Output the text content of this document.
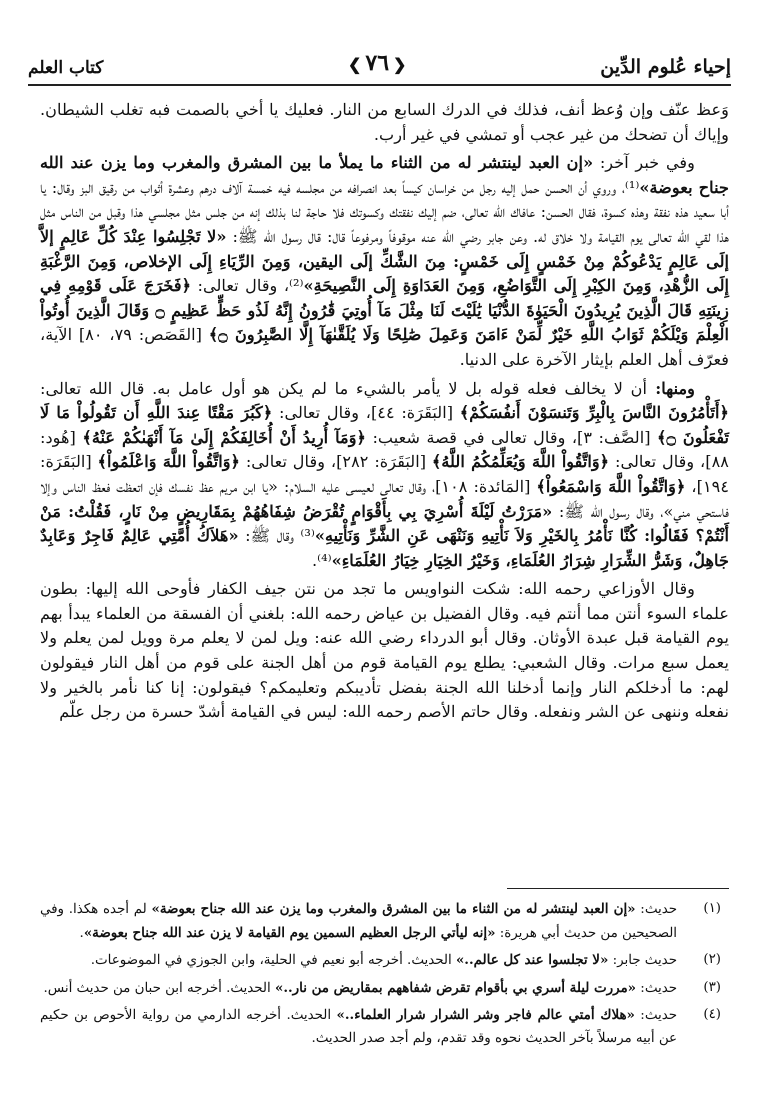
إحياء عُلوم الدِّين
❮ ٧٦ ❯
كتاب العلم

وَعظ عنّف وإن وُعظ أنف، فذلك في الدرك السابع من النار. فعليك يا أخي بالصمت فبه تغلب الشيطان. وإياك أن تضحك من غير عجب أو تمشي في غير أرب.

وفي خبر آخر: «إن العبد لينتشر له من الثناء ما يملأ ما بين المشرق والمغرب وما يزن عند الله جناح بعوضة»⁽¹⁾، وروي أن الحسن حمل إليه رجل من خراسان كيساً بعد انصرافه من مجلسه فيه خمسة آلاف درهم وعشرة أثواب من رقيق البز وقال: يا أبا سعيد هذه نفقة وهذه كسوة، فقال الحسن: عافاك الله تعالى، ضم إليك نفقتك وكسوتك فلا حاجة لنا بذلك إنه من جلس مثل مجلسي هذا وقبل من الناس مثل هذا لقي الله تعالى يوم القيامة ولا خلاق له. وعن جابر رضي الله عنه موقوفاً ومرفوعاً قال: قال رسول الله ﷺ: «لا تَجْلِسُوا عِنْدَ كُلِّ عَالِمٍ إلاَّ إلَى عَالِمٍ يَدْعُوكُمْ مِنْ خَمْسٍ إِلَى خَمْسٍ: مِنَ الشَّكِّ إلَى اليقين، وَمِنَ الرِّيَاءِ إِلَى الإخلاص، وَمِنَ الرَّغْبَةِ إِلَى الزُّهْدِ، وَمِنَ الكِبْرِ إِلَى التَّوَاضُعِ، وَمِنَ العَدَاوَةِ إِلَى النَّصِيحَةِ»⁽²⁾، وقال تعالى: ﴿فَخَرَجَ عَلَى قَوْمِهِ فِي زِينَتِهِ قَالَ الَّذِينَ يُرِيدُونَ الْحَيَوٰةَ الدُّنْيَا يَٰلَيْتَ لَنَا مِثْلَ مَآ أُوتِيَ قَٰرُونُ إِنَّهُ لَذُو حَظٍّ عَظِيمٍ ۝ وَقَالَ الَّذِينَ أُوتُواْ الْعِلْمَ وَيْلَكُمْ ثَوَابُ اللَّهِ خَيْرٌ لِّمَنْ ءَامَنَ وَعَمِلَ صَٰلِحًا وَلَا يُلَقَّىٰهَآ إِلَّا الصَّٰبِرُونَ ۝﴾ [القَصَص: ٧٩، ٨٠] الآية، فعرّف أهل العلم بإيثار الآخرة على الدنيا.

ومنها: أن لا يخالف فعله قوله بل لا يأمر بالشيء ما لم يكن هو أول عامل به. قال الله تعالى: ﴿أَتَأْمُرُونَ النَّاسَ بِالْبِرِّ وَتَنسَوْنَ أَنفُسَكُمْ﴾ [البَقَرَة: ٤٤]، وقال تعالى: ﴿كَبُرَ مَقْتًا عِندَ اللَّهِ أَن تَقُولُواْ مَا لَا تَفْعَلُونَ ۝﴾ [الصَّف: ٣]، وقال تعالى في قصة شعيب: ﴿وَمَآ أُرِيدُ أَنْ أُخَالِفَكُمْ إِلَىٰ مَآ أَنْهَىٰكُمْ عَنْهُ﴾ [هُود: ٨٨]، وقال تعالى: ﴿وَاتَّقُواْ اللَّهَ وَيُعَلِّمُكُمُ اللَّهُ﴾ [البَقَرَة: ٢٨٢]، وقال تعالى: ﴿وَاتَّقُواْ اللَّهَ وَاعْلَمُواْ﴾ [البَقَرَة: ١٩٤]، ﴿وَاتَّقُواْ اللَّهَ وَاسْمَعُواْ﴾ [المَائدة: ١٠٨]، وقال تعالى لعيسى عليه السلام: «يا ابن مريم عظ نفسك فإن اتعظت فعظ الناس وإلا فاستحي مني»، وقال رسول الله ﷺ: «مَرَرْتُ لَيْلَةَ أُسْرِيَ بِي بِأَقْوَامٍ تُقْرَضُ شِفَاهُهُمْ بِمَقَارِيضٍ مِنْ نَارٍ، فَقُلْتُ: مَنْ أَنْتُمْ؟ فَقَالُوا: كُنَّا نَأْمُرُ بِالخَيْرِ وَلاَ نَأْتِيهِ وَنَنْهَى عَنِ الشَّرِّ وَنَأْتِيهِ»⁽³⁾ وقال ﷺ: «هَلاَكُ أُمَّتِي عَالِمٌ فَاجِرٌ وَعَابِدٌ جَاهِلٌ، وَشَرُّ الشِّرَارِ شِرَارُ العُلَمَاءِ، وَخَيْرُ الخِيَارِ خِيَارُ العُلَمَاءِ»⁽⁴⁾.

وقال الأوزاعي رحمه الله: شكت النواويس ما تجد من نتن جيف الكفار فأوحى الله إليها: بطون علماء السوء أنتن مما أنتم فيه. وقال الفضيل بن عياض رحمه الله: بلغني أن الفسقة من العلماء يبدأ بهم يوم القيامة قبل عبدة الأوثان. وقال أبو الدرداء رضي الله عنه: ويل لمن لا يعلم مرة وويل لمن يعلم ولا يعمل سبع مرات. وقال الشعبي: يطلع يوم القيامة قوم من أهل الجنة على قوم من أهل النار فيقولون لهم: ما أدخلكم النار وإنما أدخلنا الله الجنة بفضل تأديبكم وتعليمكم؟ فيقولون: إنا كنا نأمر بالخير ولا نفعله وننهى عن الشر ونفعله. وقال حاتم الأصم رحمه الله: ليس في القيامة أشدّ حسرة من رجل علّم

(١)
حديث: «إن العبد لينتشر له من الثناء ما بين المشرق والمغرب وما يزن عند الله جناح بعوضة» لم أجده هكذا. وفي الصحيحين من حديث أبي هريرة: «إنه ليأتي الرجل العظيم السمين يوم القيامة لا يزن عند الله جناح بعوضة».
(٢)
حديث جابر: «لا تجلسوا عند كل عالم..» الحديث. أخرجه أبو نعيم في الحلية، وابن الجوزي في الموضوعات.
(٣)
حديث: «مررت ليلة أسري بي بأقوام تقرض شفاههم بمقاريض من نار..» الحديث. أخرجه ابن حبان من حديث أنس.
(٤)
حديث: «هلاك أمتي عالم فاجر وشر الشرار شرار العلماء..» الحديث. أخرجه الدارمي من رواية الأحوص بن حكيم عن أبيه مرسلاً بآخر الحديث نحوه وقد تقدم، ولم أجد صدر الحديث.
